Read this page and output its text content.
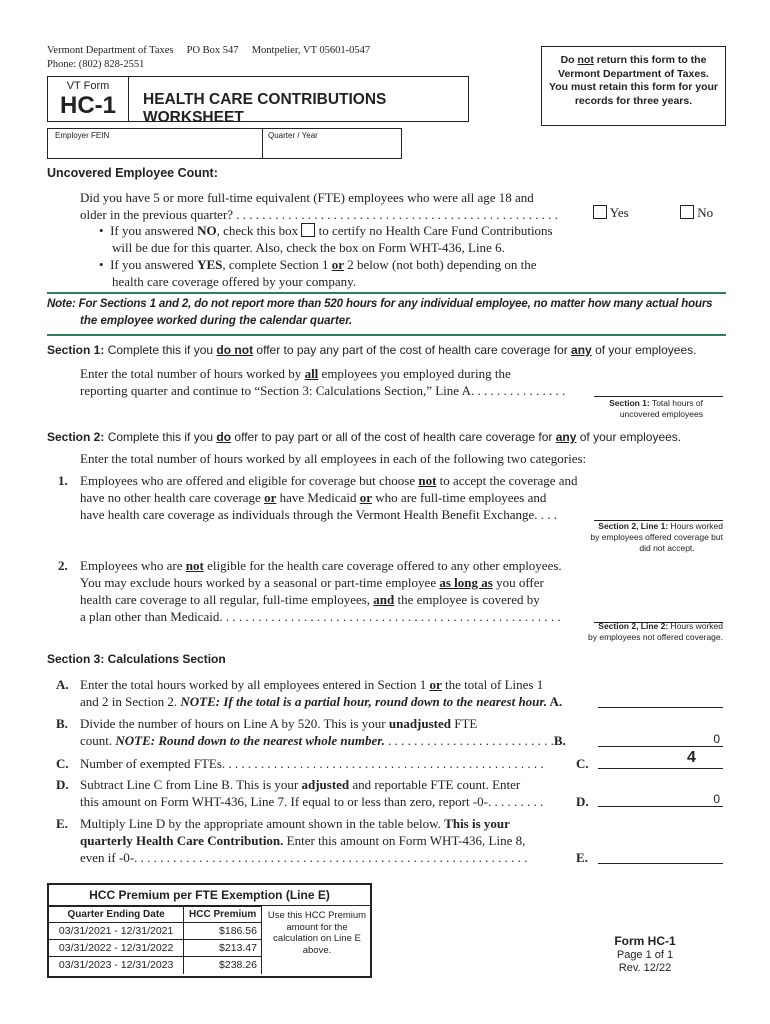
Vermont Department of Taxes PO Box 547 Montpelier, VT 05601-0547
Phone: (802) 828-2551
VT Form
HC-1	HEALTH CARE CONTRIBUTIONS WORKSHEET
Do not return this form to the Vermont Department of Taxes. You must retain this form for your records for three years.
Employer FEIN	Quarter / Year
Uncovered Employee Count:
Did you have 5 or more full-time equivalent (FTE) employees who were all age 18 and
older in the previous quarter? . . . . . . . . . . . . . . . . . . . . . . . . . . . . . . . . . . . . . . . . . . . . . . . . . .	Yes	No
•  If you answered NO, check this box  to certify no Health Care Fund Contributions
will be due for this quarter. Also, check the box on Form WHT-436, Line 6.
•  If you answered YES, complete Section 1 or 2 below (not both) depending on the
health care coverage offered by your company.
Note: For Sections 1 and 2, do not report more than 520 hours for any individual employee, no matter how many actual hours
the employee worked during the calendar quarter.
Section 1: Complete this if you do not offer to pay any part of the cost of health care coverage for any of your employees.
Enter the total number of hours worked by all employees you employed during the
reporting quarter and continue to “Section 3: Calculations Section,” Line A. . . . . . . . . . . . . . .
Section 1: Total hours of
uncovered employees
Section 2: Complete this if you do offer to pay part or all of the cost of health care coverage for any of your employees.
Enter the total number of hours worked by all employees in each of the following two categories:
1. Employees who are offered and eligible for coverage but choose not to accept the coverage and
have no other health care coverage or have Medicaid or who are full-time employees and
have health care coverage as individuals through the Vermont Health Benefit Exchange. . . .
Section 2, Line 1: Hours worked
by employees offered coverage but
did not accept.
2. Employees who are not eligible for the health care coverage offered to any other employees.
You may exclude hours worked by a seasonal or part-time employee as long as you offer
health care coverage to all regular, full-time employees, and the employee is covered by
a plan other than Medicaid. . . . . . . . . . . . . . . . . . . . . . . . . . . . . . . . . . . . . . . . . . . . . . . . . . . . .
Section 2, Line 2: Hours worked
by employees not offered coverage.
Section 3: Calculations Section
A. Enter the total hours worked by all employees entered in Section 1 or the total of Lines 1
and 2 in Section 2. NOTE: If the total is a partial hour, round down to the nearest hour. A.
B. Divide the number of hours on Line A by 520. This is your unadjusted FTE
count. NOTE: Round down to the nearest whole number. . . . . . . . . . . . . . . . . . . . . . . . . . .B.	0
C. Number of exempted FTEs. . . . . . . . . . . . . . . . . . . . . . . . . . . . . . . . . . . . . . . . . . . . . . . . . .	C.	4
D. Subtract Line C from Line B. This is your adjusted and reportable FTE count. Enter
this amount on Form WHT-436, Line 7. If equal to or less than zero, report -0-. . . . . . . . .	D.	0
E. Multiply Line D by the appropriate amount shown in the table below. This is your
quarterly Health Care Contribution. Enter this amount on Form WHT-436, Line 8,
even if -0-. . . . . . . . . . . . . . . . . . . . . . . . . . . . . . . . . . . . . . . . . . . . . . . . . . . . . . . . . . . . .	E.
HCC Premium per FTE Exemption (Line E)
Quarter Ending Date	HCC Premium
03/31/2021 - 12/31/2021	$186.56
03/31/2022 - 12/31/2022	$213.47
03/31/2023 - 12/31/2023	$238.26
Use this HCC Premium amount for the calculation on Line E above.
Form HC-1
Page 1 of 1
Rev. 12/22
